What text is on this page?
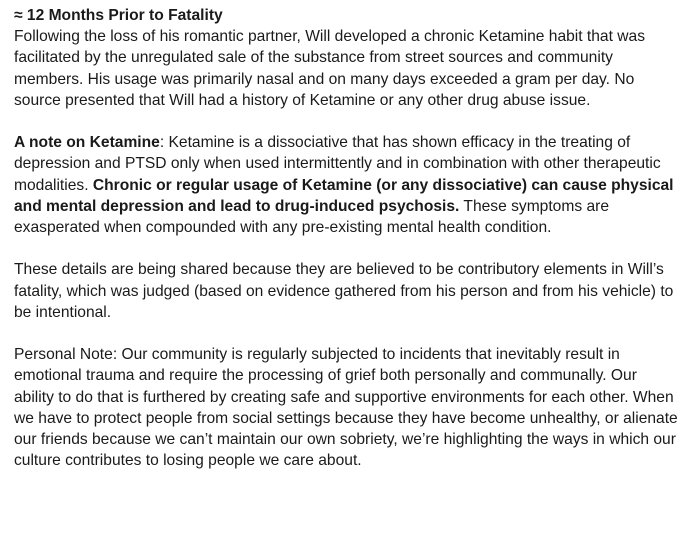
≈ 12 Months Prior to Fatality

Following the loss of his romantic partner, Will developed a chronic Ketamine habit that was facilitated by the unregulated sale of the substance from street sources and community members. His usage was primarily nasal and on many days exceeded a gram per day. No source presented that Will had a history of Ketamine or any other drug abuse issue.

A note on Ketamine: Ketamine is a dissociative that has shown efficacy in the treating of depression and PTSD only when used intermittently and in combination with other therapeutic modalities. Chronic or regular usage of Ketamine (or any dissociative) can cause physical and mental depression and lead to drug-induced psychosis. These symptoms are exasperated when compounded with any pre-existing mental health condition.

These details are being shared because they are believed to be contributory elements in Will’s fatality, which was judged (based on evidence gathered from his person and from his vehicle) to be intentional.

Personal Note: Our community is regularly subjected to incidents that inevitably result in emotional trauma and require the processing of grief both personally and communally. Our ability to do that is furthered by creating safe and supportive environments for each other. When we have to protect people from social settings because they have become unhealthy, or alienate our friends because we can’t maintain our own sobriety, we’re highlighting the ways in which our culture contributes to losing people we care about.
